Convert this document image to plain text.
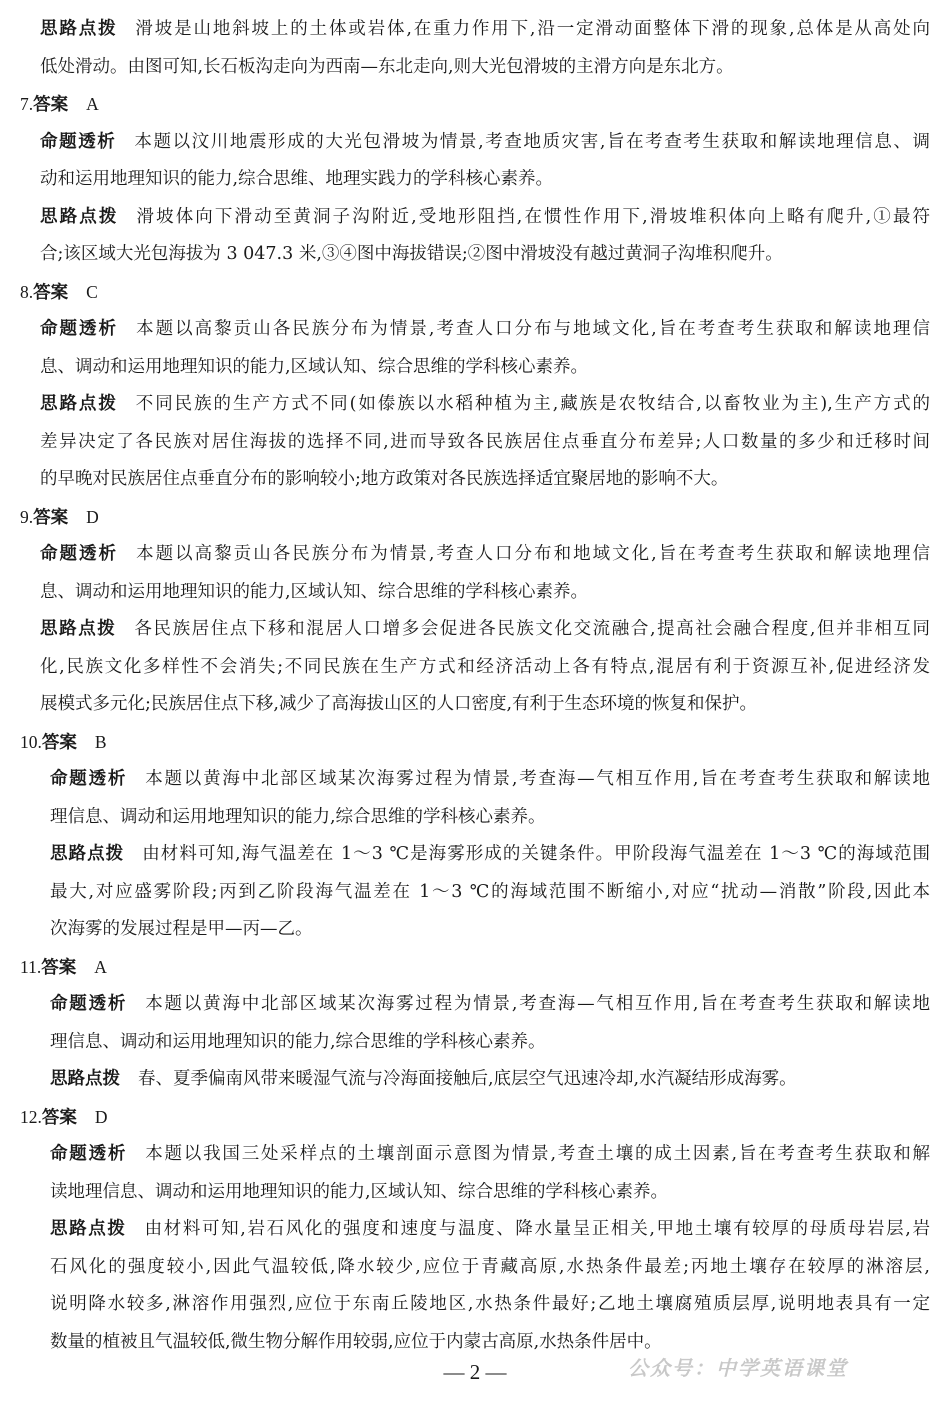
思路点拨 滑坡是山地斜坡上的土体或岩体,在重力作用下,沿一定滑动面整体下滑的现象,总体是从高处向
低处滑动。由图可知,长石板沟走向为西南—东北走向,则大光包滑坡的主滑方向是东北方。
7.答案 A
命题透析 本题以汶川地震形成的大光包滑坡为情景,考查地质灾害,旨在考查考生获取和解读地理信息、调
动和运用地理知识的能力,综合思维、地理实践力的学科核心素养。
思路点拨 滑坡体向下滑动至黄洞子沟附近,受地形阻挡,在惯性作用下,滑坡堆积体向上略有爬升,①最符
合;该区域大光包海拔为 3 047.3 米,③④图中海拔错误;②图中滑坡没有越过黄洞子沟堆积爬升。
8.答案 C
命题透析 本题以高黎贡山各民族分布为情景,考查人口分布与地域文化,旨在考查考生获取和解读地理信
息、调动和运用地理知识的能力,区域认知、综合思维的学科核心素养。
思路点拨 不同民族的生产方式不同(如傣族以水稻种植为主,藏族是农牧结合,以畜牧业为主),生产方式的
差异决定了各民族对居住海拔的选择不同,进而导致各民族居住点垂直分布差异;人口数量的多少和迁移时间
的早晚对民族居住点垂直分布的影响较小;地方政策对各民族选择适宜聚居地的影响不大。
9.答案 D
命题透析 本题以高黎贡山各民族分布为情景,考查人口分布和地域文化,旨在考查考生获取和解读地理信
息、调动和运用地理知识的能力,区域认知、综合思维的学科核心素养。
思路点拨 各民族居住点下移和混居人口增多会促进各民族文化交流融合,提高社会融合程度,但并非相互同
化,民族文化多样性不会消失;不同民族在生产方式和经济活动上各有特点,混居有利于资源互补,促进经济发
展模式多元化;民族居住点下移,减少了高海拔山区的人口密度,有利于生态环境的恢复和保护。
10.答案 B
命题透析 本题以黄海中北部区域某次海雾过程为情景,考查海—气相互作用,旨在考查考生获取和解读地
理信息、调动和运用地理知识的能力,综合思维的学科核心素养。
思路点拨 由材料可知,海气温差在 1～3 ℃是海雾形成的关键条件。甲阶段海气温差在 1～3 ℃的海域范围
最大,对应盛雾阶段;丙到乙阶段海气温差在 1～3 ℃的海域范围不断缩小,对应“扰动—消散”阶段,因此本
次海雾的发展过程是甲—丙—乙。
11.答案 A
命题透析 本题以黄海中北部区域某次海雾过程为情景,考查海—气相互作用,旨在考查考生获取和解读地
理信息、调动和运用地理知识的能力,综合思维的学科核心素养。
思路点拨 春、夏季偏南风带来暖湿气流与冷海面接触后,底层空气迅速冷却,水汽凝结形成海雾。
12.答案 D
命题透析 本题以我国三处采样点的土壤剖面示意图为情景,考查土壤的成土因素,旨在考查考生获取和解
读地理信息、调动和运用地理知识的能力,区域认知、综合思维的学科核心素养。
思路点拨 由材料可知,岩石风化的强度和速度与温度、降水量呈正相关,甲地土壤有较厚的母质母岩层,岩
石风化的强度较小,因此气温较低,降水较少,应位于青藏高原,水热条件最差;丙地土壤存在较厚的淋溶层,
说明降水较多,淋溶作用强烈,应位于东南丘陵地区,水热条件最好;乙地土壤腐殖质层厚,说明地表具有一定
数量的植被且气温较低,微生物分解作用较弱,应位于内蒙古高原,水热条件居中。
公众号：中学英语课堂
— 2 —
